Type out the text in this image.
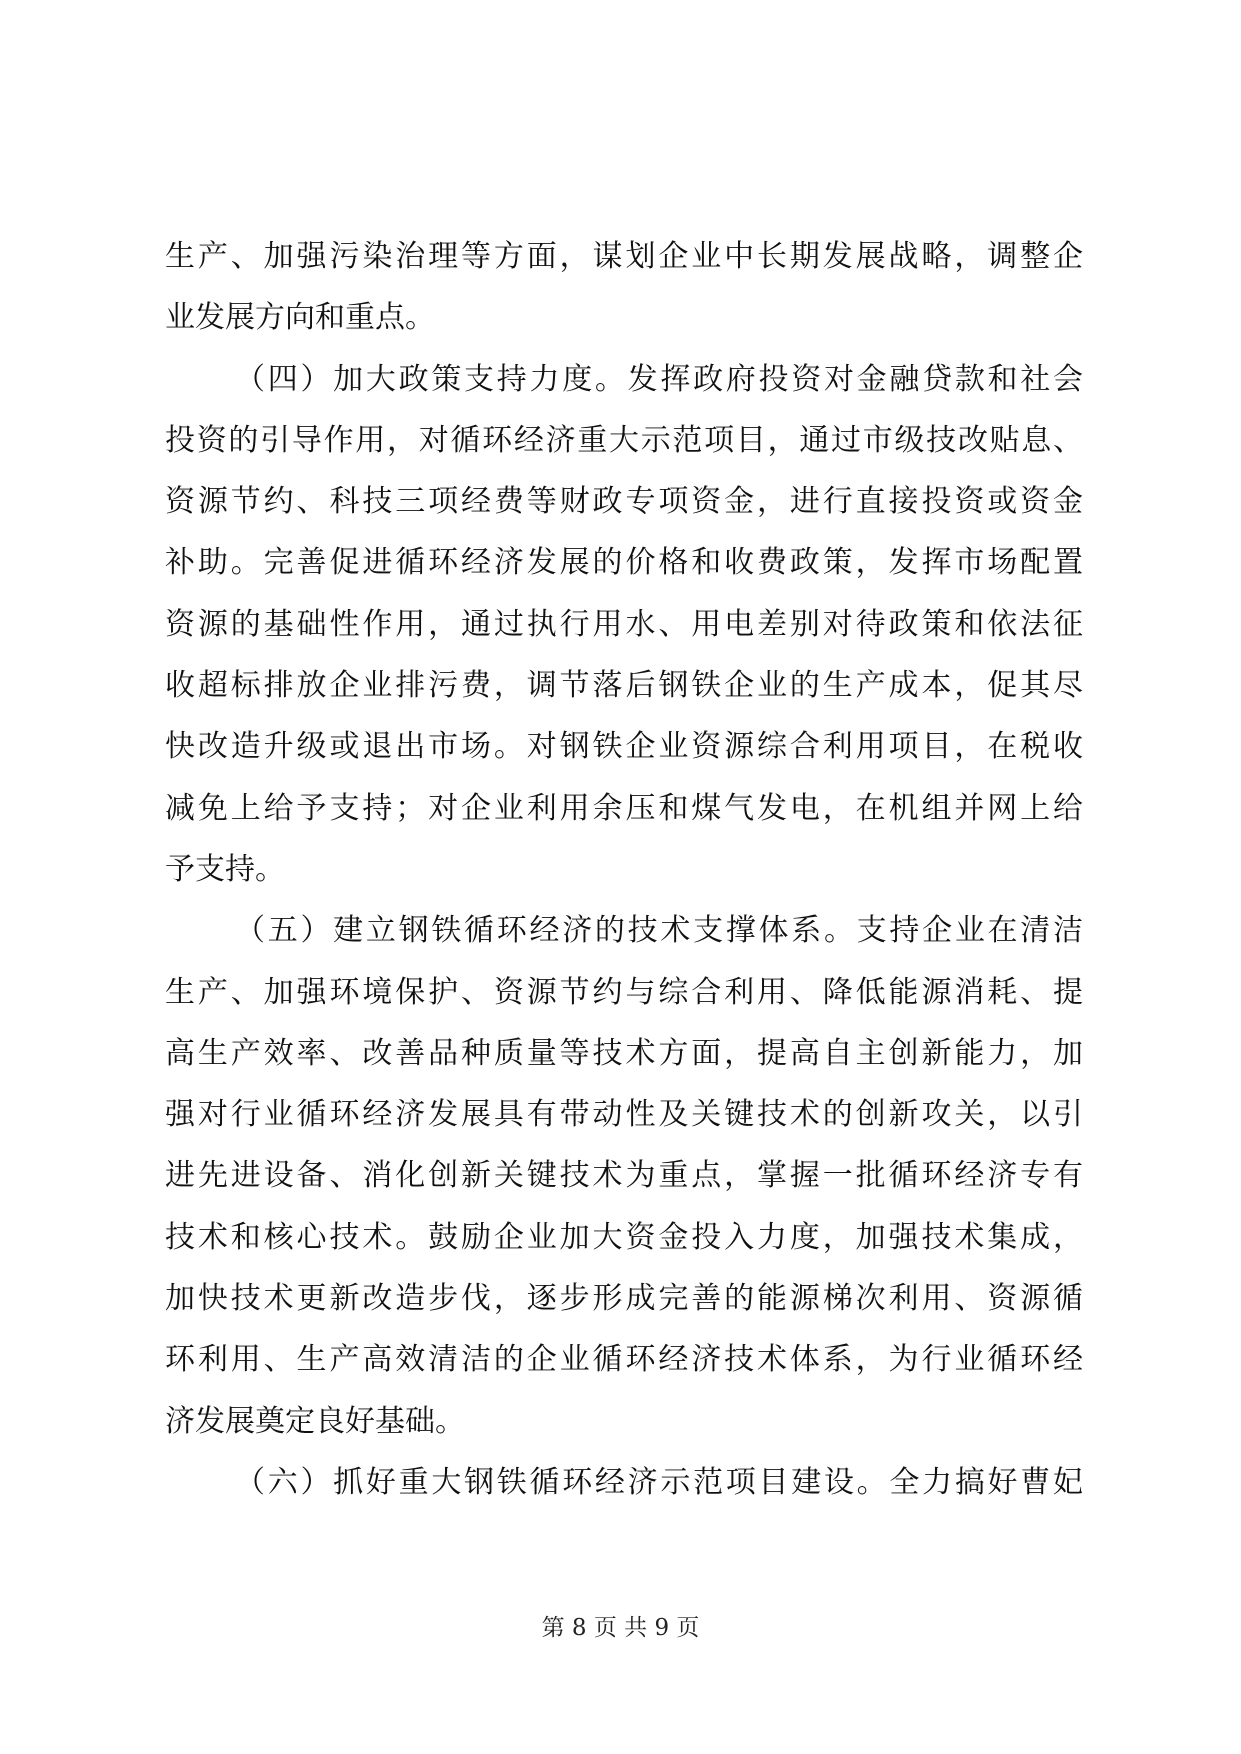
生产、加强污染治理等方面，谋划企业中长期发展战略，调整企
业发展方向和重点。
（四）加大政策支持力度。发挥政府投资对金融贷款和社会
投资的引导作用，对循环经济重大示范项目，通过市级技改贴息、
资源节约、科技三项经费等财政专项资金，进行直接投资或资金
补助。完善促进循环经济发展的价格和收费政策，发挥市场配置
资源的基础性作用，通过执行用水、用电差别对待政策和依法征
收超标排放企业排污费，调节落后钢铁企业的生产成本，促其尽
快改造升级或退出市场。对钢铁企业资源综合利用项目，在税收
减免上给予支持；对企业利用余压和煤气发电，在机组并网上给
予支持。
（五）建立钢铁循环经济的技术支撑体系。支持企业在清洁
生产、加强环境保护、资源节约与综合利用、降低能源消耗、提
高生产效率、改善品种质量等技术方面，提高自主创新能力，加
强对行业循环经济发展具有带动性及关键技术的创新攻关，以引
进先进设备、消化创新关键技术为重点，掌握一批循环经济专有
技术和核心技术。鼓励企业加大资金投入力度，加强技术集成，
加快技术更新改造步伐，逐步形成完善的能源梯次利用、资源循
环利用、生产高效清洁的企业循环经济技术体系，为行业循环经
济发展奠定良好基础。
（六）抓好重大钢铁循环经济示范项目建设。全力搞好曹妃
第 8 页 共 9 页
